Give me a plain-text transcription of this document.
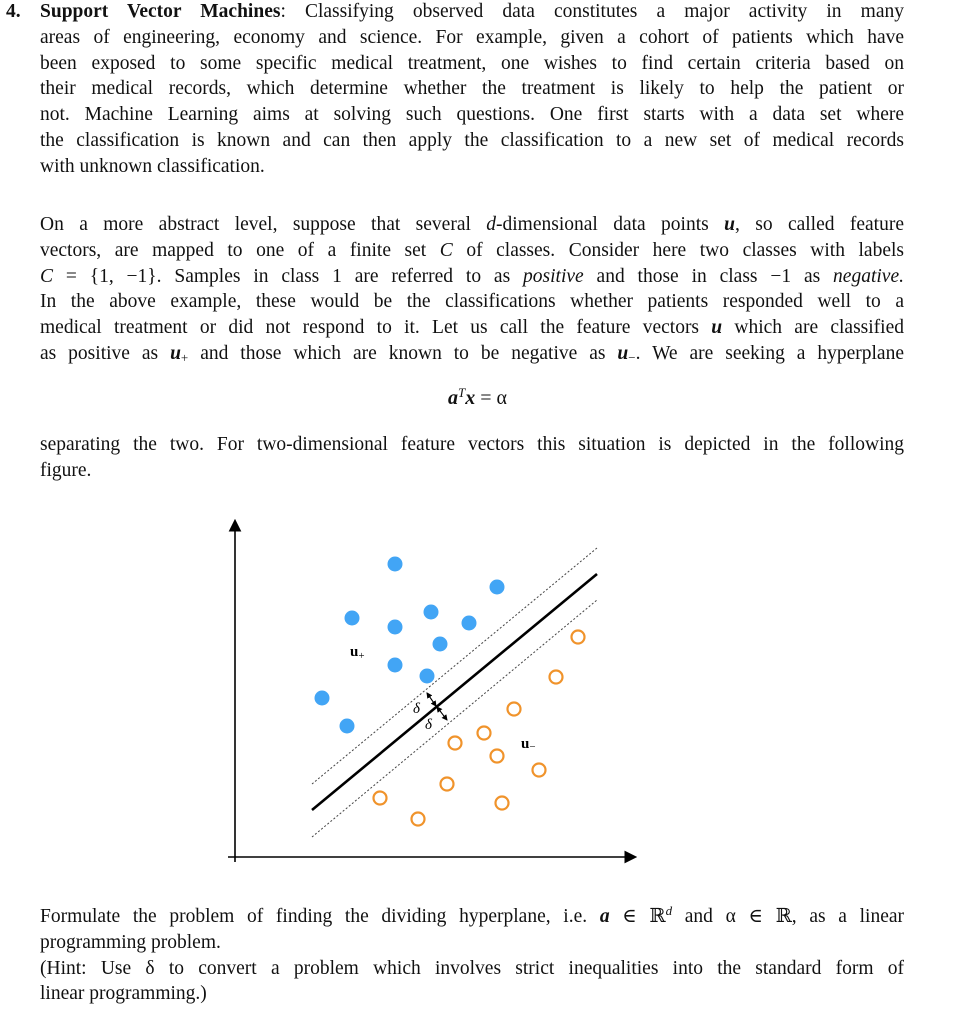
4. Support Vector Machines: Classifying observed data constitutes a major activity in many
areas of engineering, economy and science. For example, given a cohort of patients which have
been exposed to some specific medical treatment, one wishes to find certain criteria based on
their medical records, which determine whether the treatment is likely to help the patient or
not. Machine Learning aims at solving such questions. One first starts with a data set where
the classification is known and can then apply the classification to a new set of medical records
with unknown classification.
On a more abstract level, suppose that several d-dimensional data points u, so called feature
vectors, are mapped to one of a finite set C of classes. Consider here two classes with labels
C = {1, −1}. Samples in class 1 are referred to as positive and those in class −1 as negative.
In the above example, these would be the classifications whether patients responded well to a
medical treatment or did not respond to it. Let us call the feature vectors u which are classified
as positive as $u_+$ and those which are known to be negative as $u_-$. We are seeking a hyperplane
$a^Tx = \alpha$
separating the two. For two-dimensional feature vectors this situation is depicted in the following
figure.
δ
δ
$u_+$
u−
Formulate the problem of finding the dividing hyperplane, i.e. a ∈ ℝ$^d$ and α ∈ ℝ, as a linear
programming problem.
(Hint: Use δ to convert a problem which involves strict inequalities into the standard form of
linear programming.)
